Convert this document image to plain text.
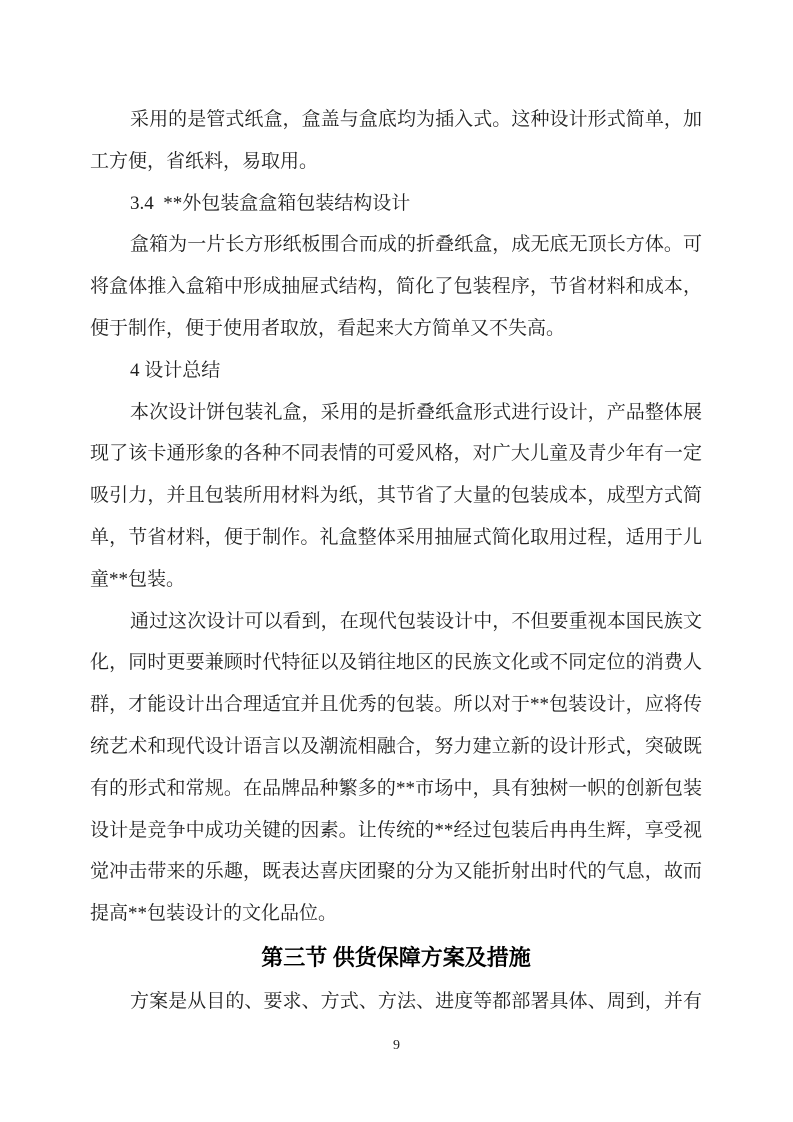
采用的是管式纸盒，盒盖与盒底均为插入式。这种设计形式简单，加
工方便，省纸料，易取用。
3.4  **外包装盒盒箱包装结构设计
盒箱为一片长方形纸板围合而成的折叠纸盒，成无底无顶长方体。可
将盒体推入盒箱中形成抽屉式结构，简化了包装程序，节省材料和成本，
便于制作，便于使用者取放，看起来大方简单又不失高。
4 设计总结
本次设计饼包装礼盒，采用的是折叠纸盒形式进行设计，产品整体展
现了该卡通形象的各种不同表情的可爱风格，对广大儿童及青少年有一定
吸引力，并且包装所用材料为纸，其节省了大量的包装成本，成型方式简
单，节省材料，便于制作。礼盒整体采用抽屉式简化取用过程，适用于儿
童**包装。
通过这次设计可以看到，在现代包装设计中，不但要重视本国民族文
化，同时更要兼顾时代特征以及销往地区的民族文化或不同定位的消费人
群，才能设计出合理适宜并且优秀的包装。所以对于**包装设计，应将传
统艺术和现代设计语言以及潮流相融合，努力建立新的设计形式，突破既
有的形式和常规。在品牌品种繁多的**市场中，具有独树一帜的创新包装
设计是竞争中成功关键的因素。让传统的**经过包装后冉冉生辉，享受视
觉冲击带来的乐趣，既表达喜庆团聚的分为又能折射出时代的气息，故而
提高**包装设计的文化品位。
第三节 供货保障方案及措施
方案是从目的、要求、方式、方法、进度等都部署具体、周到，并有
9
